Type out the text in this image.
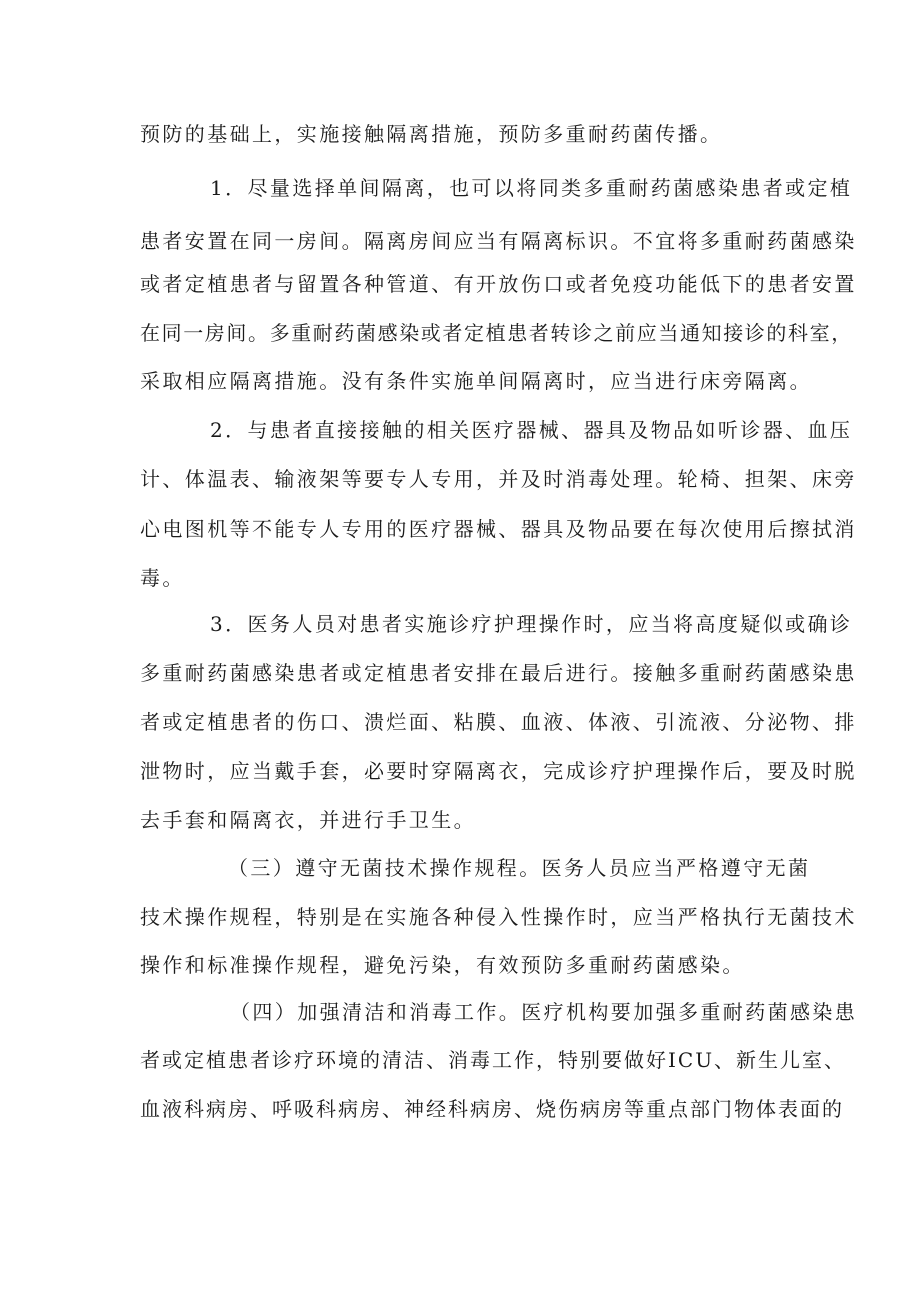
预防的基础上，实施接触隔离措施，预防多重耐药菌传播。
1．尽量选择单间隔离，也可以将同类多重耐药菌感染患者或定植
患者安置在同一房间。隔离房间应当有隔离标识。不宜将多重耐药菌感染
或者定植患者与留置各种管道、有开放伤口或者免疫功能低下的患者安置
在同一房间。多重耐药菌感染或者定植患者转诊之前应当通知接诊的科室，
采取相应隔离措施。没有条件实施单间隔离时，应当进行床旁隔离。
2．与患者直接接触的相关医疗器械、器具及物品如听诊器、血压
计、体温表、输液架等要专人专用，并及时消毒处理。轮椅、担架、床旁
心电图机等不能专人专用的医疗器械、器具及物品要在每次使用后擦拭消
毒。
3．医务人员对患者实施诊疗护理操作时，应当将高度疑似或确诊
多重耐药菌感染患者或定植患者安排在最后进行。接触多重耐药菌感染患
者或定植患者的伤口、溃烂面、粘膜、血液、体液、引流液、分泌物、排
泄物时，应当戴手套，必要时穿隔离衣，完成诊疗护理操作后，要及时脱
去手套和隔离衣，并进行手卫生。
（三）遵守无菌技术操作规程。医务人员应当严格遵守无菌
技术操作规程，特别是在实施各种侵入性操作时，应当严格执行无菌技术
操作和标准操作规程，避免污染，有效预防多重耐药菌感染。
（四）加强清洁和消毒工作。医疗机构要加强多重耐药菌感染患
者或定植患者诊疗环境的清洁、消毒工作，特别要做好ICU、新生儿室、
血液科病房、呼吸科病房、神经科病房、烧伤病房等重点部门物体表面的
